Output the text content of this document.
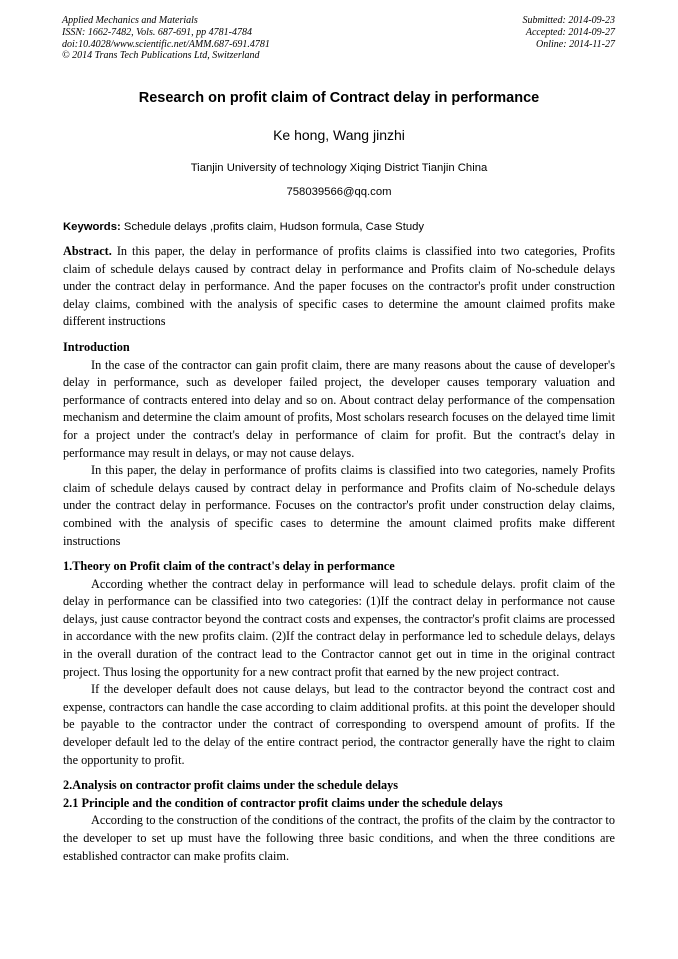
Applied Mechanics and Materials
ISSN: 1662-7482, Vols. 687-691, pp 4781-4784
doi:10.4028/www.scientific.net/AMM.687-691.4781
© 2014 Trans Tech Publications Ltd, Switzerland
Submitted: 2014-09-23
Accepted: 2014-09-27
Online: 2014-11-27
Research on profit claim of Contract delay in performance
Ke hong, Wang jinzhi
Tianjin University of technology Xiqing District Tianjin China
758039566@qq.com
Keywords: Schedule delays ,profits claim, Hudson formula, Case Study

Abstract. In this paper, the delay in performance of profits claims is classified into two categories, Profits claim of schedule delays caused by contract delay in performance and Profits claim of No-schedule delays under the contract delay in performance. And the paper focuses on the contractor's profit under construction delay claims, combined with the analysis of specific cases to determine the amount claimed profits make different instructions

Introduction

In the case of the contractor can gain profit claim, there are many reasons about the cause of developer's delay in performance, such as developer failed project, the developer causes temporary valuation and performance of contracts entered into delay and so on. About contract delay performance of the compensation mechanism and determine the claim amount of profits, Most scholars research focuses on the delayed time limit for a project under the contract's delay in performance of claim for profit. But the contract's delay in performance may result in delays, or may not cause delays.

In this paper, the delay in performance of profits claims is classified into two categories, namely Profits claim of schedule delays caused by contract delay in performance and Profits claim of No-schedule delays under the contract delay in performance. Focuses on the contractor's profit under construction delay claims, combined with the analysis of specific cases to determine the amount claimed profits make different instructions

1.Theory on Profit claim of the contract's delay in performance

According whether the contract delay in performance will lead to schedule delays. profit claim of the delay in performance can be classified into two categories: (1)If the contract delay in performance not cause delays, just cause contractor beyond the contract costs and expenses, the contractor's profit claims are processed in accordance with the new profits claim. (2)If the contract delay in performance led to schedule delays, delays in the overall duration of the contract lead to the Contractor cannot get out in time in the original contract project. Thus losing the opportunity for a new contract profit that earned by the new project contract.

If the developer default does not cause delays, but lead to the contractor beyond the contract cost and expense, contractors can handle the case according to claim additional profits. at this point the developer should be payable to the contractor under the contract of corresponding to overspend amount of profits. If the developer default led to the delay of the entire contract period, the contractor generally have the right to claim the opportunity to profit.

2.Analysis on contractor profit claims under the schedule delays
2.1 Principle and the condition of contractor profit claims under the schedule delays

According to the construction of the conditions of the contract, the profits of the claim by the contractor to the developer to set up must have the following three basic conditions, and when the three conditions are established contractor can make profits claim.
